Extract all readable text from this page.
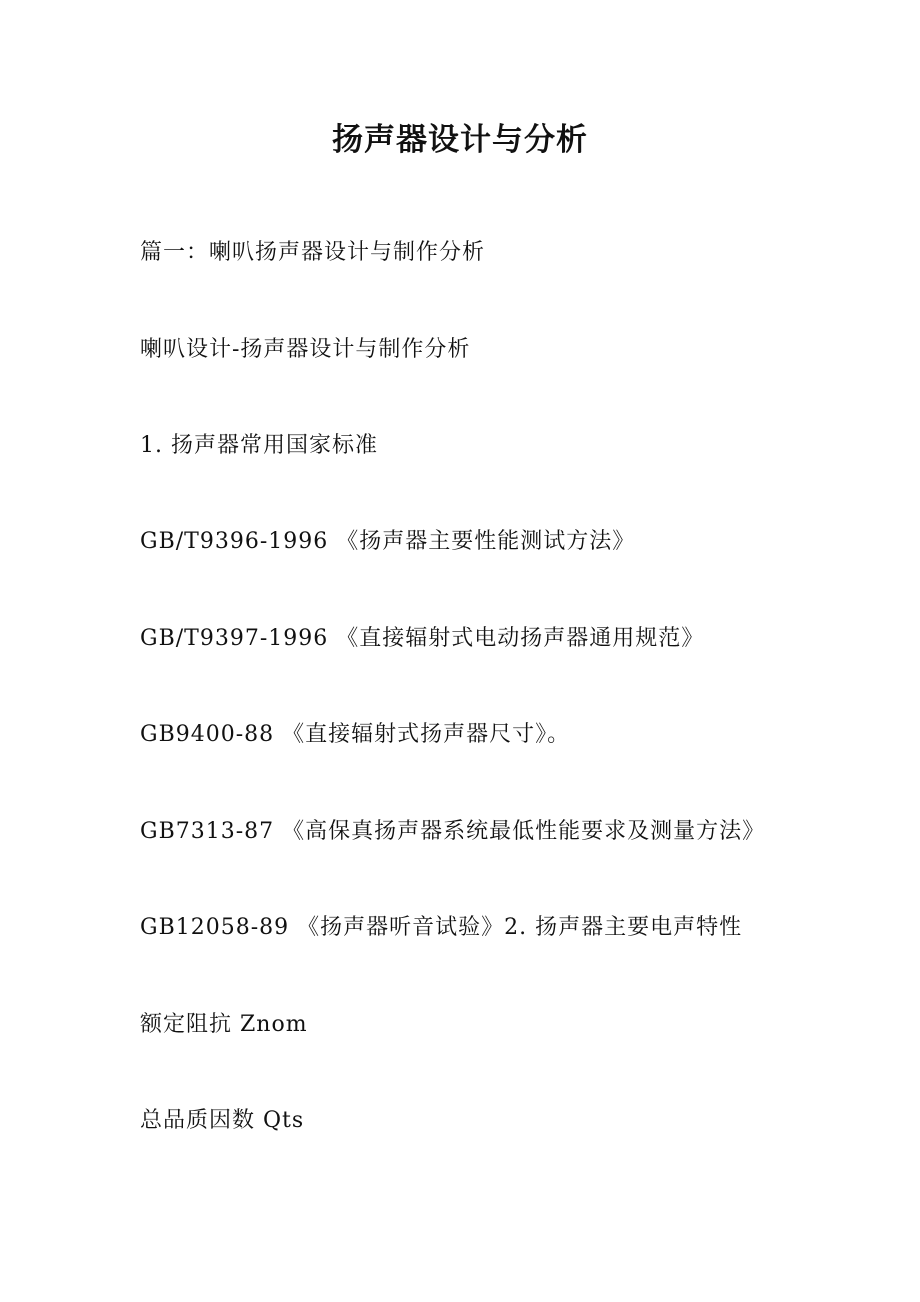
扬声器设计与分析

篇一：喇叭扬声器设计与制作分析

喇叭设计-扬声器设计与制作分析

1. 扬声器常用国家标准

GB/T9396-1996 《扬声器主要性能测试方法》

GB/T9397-1996 《直接辐射式电动扬声器通用规范》

GB9400-88 《直接辐射式扬声器尺寸》。

GB7313-87 《高保真扬声器系统最低性能要求及测量方法》

GB12058-89 《扬声器听音试验》2. 扬声器主要电声特性

额定阻抗 Znom

总品质因数 Qts
